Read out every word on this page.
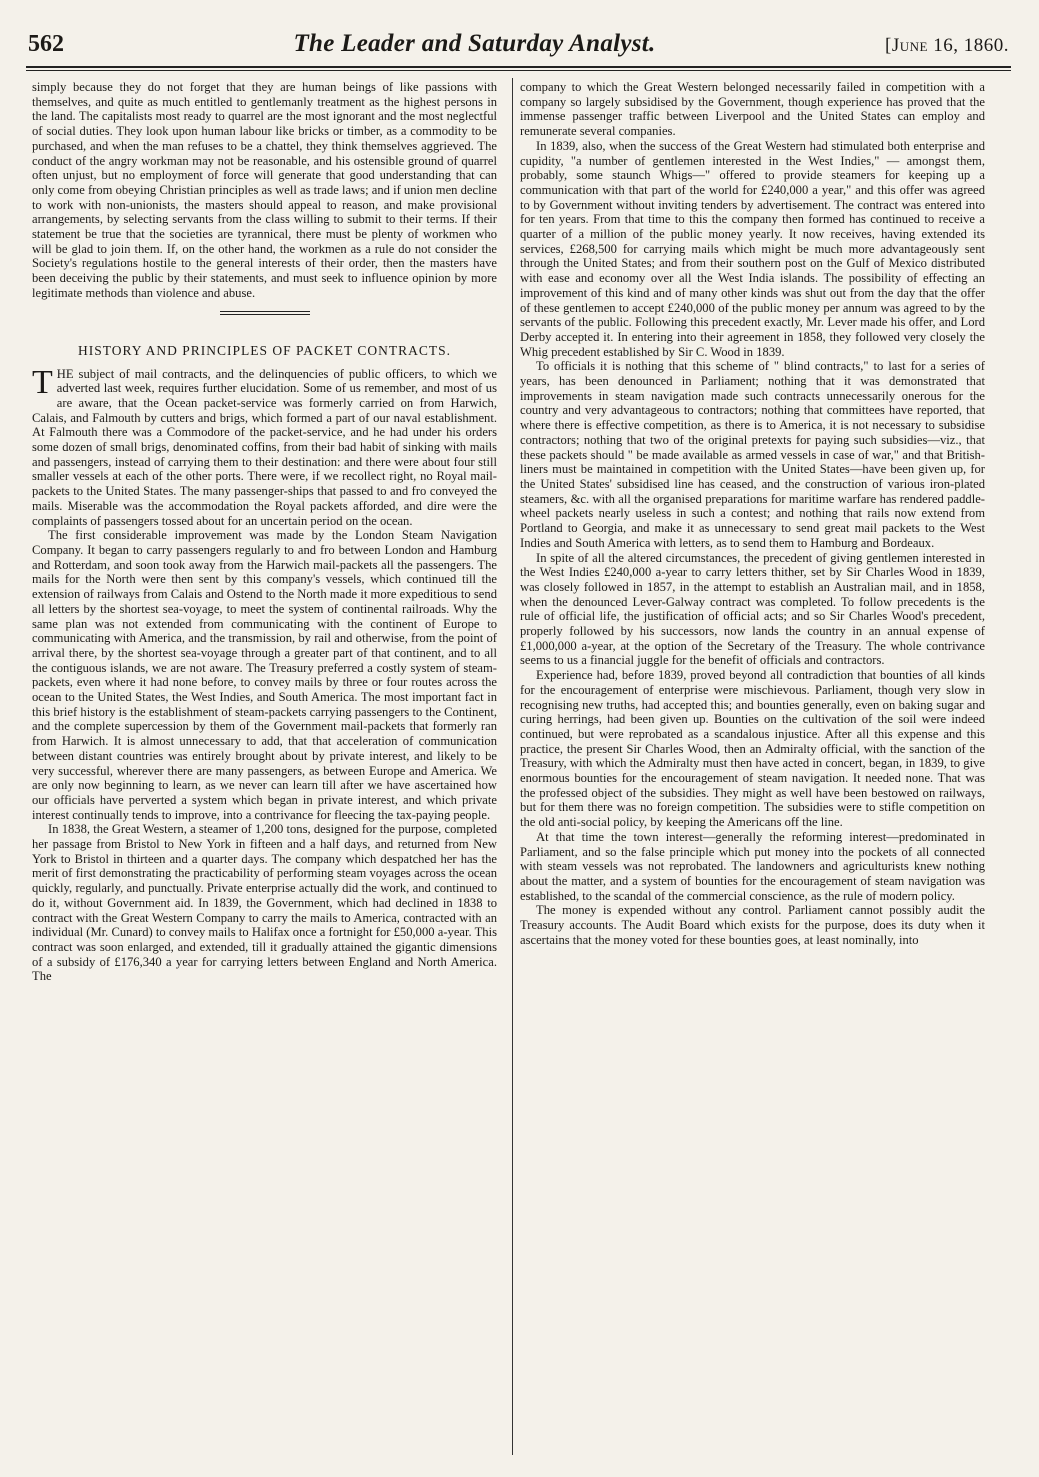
562	The Leader and Saturday Analyst.	[June 16, 1860.

simply because they do not forget that they are human beings of like passions with themselves, and quite as much entitled to gentlemanly treatment as the highest persons in the land. The capitalists most ready to quarrel are the most ignorant and the most neglectful of social duties. They look upon human labour like bricks or timber, as a commodity to be purchased, and when the man refuses to be a chattel, they think themselves aggrieved. The conduct of the angry workman may not be reasonable, and his ostensible ground of quarrel often unjust, but no employment of force will generate that good understanding that can only come from obeying Christian principles as well as trade laws; and if union men decline to work with non-unionists, the masters should appeal to reason, and make provisional arrangements, by selecting servants from the class willing to submit to their terms. If their statement be true that the societies are tyrannical, there must be plenty of workmen who will be glad to join them. If, on the other hand, the workmen as a rule do not consider the Society's regulations hostile to the general interests of their order, then the masters have been deceiving the public by their statements, and must seek to influence opinion by more legitimate methods than violence and abuse.

HISTORY AND PRINCIPLES OF PACKET CONTRACTS.

THE subject of mail contracts, and the delinquencies of public officers, to which we adverted last week, requires further elucidation. Some of us remember, and most of us are aware, that the Ocean packet-service was formerly carried on from Harwich, Calais, and Falmouth by cutters and brigs, which formed a part of our naval establishment. At Falmouth there was a Commodore of the packet-service, and he had under his orders some dozen of small brigs, denominated coffins, from their bad habit of sinking with mails and passengers, instead of carrying them to their destination: and there were about four still smaller vessels at each of the other ports. There were, if we recollect right, no Royal mail-packets to the United States. The many passenger-ships that passed to and fro conveyed the mails. Miserable was the accommodation the Royal packets afforded, and dire were the complaints of passengers tossed about for an uncertain period on the ocean.

The first considerable improvement was made by the London Steam Navigation Company. It began to carry passengers regularly to and fro between London and Hamburg and Rotterdam, and soon took away from the Harwich mail-packets all the passengers. The mails for the North were then sent by this company's vessels, which continued till the extension of railways from Calais and Ostend to the North made it more expeditious to send all letters by the shortest sea-voyage, to meet the system of continental railroads. Why the same plan was not extended from communicating with the continent of Europe to communicating with America, and the transmission, by rail and otherwise, from the point of arrival there, by the shortest sea-voyage through a greater part of that continent, and to all the contiguous islands, we are not aware. The Treasury preferred a costly system of steam-packets, even where it had none before, to convey mails by three or four routes across the ocean to the United States, the West Indies, and South America. The most important fact in this brief history is the establishment of steam-packets carrying passengers to the Continent, and the complete supercession by them of the Government mail-packets that formerly ran from Harwich. It is almost unnecessary to add, that that acceleration of communication between distant countries was entirely brought about by private interest, and likely to be very successful, wherever there are many passengers, as between Europe and America. We are only now beginning to learn, as we never can learn till after we have ascertained how our officials have perverted a system which began in private interest, and which private interest continually tends to improve, into a contrivance for fleecing the tax-paying people.

In 1838, the Great Western, a steamer of 1,200 tons, designed for the purpose, completed her passage from Bristol to New York in fifteen and a half days, and returned from New York to Bristol in thirteen and a quarter days. The company which despatched her has the merit of first demonstrating the practicability of performing steam voyages across the ocean quickly, regularly, and punctually. Private enterprise actually did the work, and continued to do it, without Government aid. In 1839, the Government, which had declined in 1838 to contract with the Great Western Company to carry the mails to America, contracted with an individual (Mr. Cunard) to convey mails to Halifax once a fortnight for £50,000 a-year. This contract was soon enlarged, and extended, till it gradually attained the gigantic dimensions of a subsidy of £176,340 a year for carrying letters between England and North America. The

company to which the Great Western belonged necessarily failed in competition with a company so largely subsidised by the Government, though experience has proved that the immense passenger traffic between Liverpool and the United States can employ and remunerate several companies.

In 1839, also, when the success of the Great Western had stimulated both enterprise and cupidity, "a number of gentlemen interested in the West Indies," — amongst them, probably, some staunch Whigs—" offered to provide steamers for keeping up a communication with that part of the world for £240,000 a year," and this offer was agreed to by Government without inviting tenders by advertisement. The contract was entered into for ten years. From that time to this the company then formed has continued to receive a quarter of a million of the public money yearly. It now receives, having extended its services, £268,500 for carrying mails which might be much more advantageously sent through the United States; and from their southern post on the Gulf of Mexico distributed with ease and economy over all the West India islands. The possibility of effecting an improvement of this kind and of many other kinds was shut out from the day that the offer of these gentlemen to accept £240,000 of the public money per annum was agreed to by the servants of the public. Following this precedent exactly, Mr. Lever made his offer, and Lord Derby accepted it. In entering into their agreement in 1858, they followed very closely the Whig precedent established by Sir C. Wood in 1839.

To officials it is nothing that this scheme of " blind contracts," to last for a series of years, has been denounced in Parliament; nothing that it was demonstrated that improvements in steam navigation made such contracts unnecessarily onerous for the country and very advantageous to contractors; nothing that committees have reported, that where there is effective competition, as there is to America, it is not necessary to subsidise contractors; nothing that two of the original pretexts for paying such subsidies—viz., that these packets should " be made available as armed vessels in case of war," and that British-liners must be maintained in competition with the United States—have been given up, for the United States' subsidised line has ceased, and the construction of various iron-plated steamers, &c. with all the organised preparations for maritime warfare has rendered paddle-wheel packets nearly useless in such a contest; and nothing that rails now extend from Portland to Georgia, and make it as unnecessary to send great mail packets to the West Indies and South America with letters, as to send them to Hamburg and Bordeaux.

In spite of all the altered circumstances, the precedent of giving gentlemen interested in the West Indies £240,000 a-year to carry letters thither, set by Sir Charles Wood in 1839, was closely followed in 1857, in the attempt to establish an Australian mail, and in 1858, when the denounced Lever-Galway contract was completed. To follow precedents is the rule of official life, the justification of official acts; and so Sir Charles Wood's precedent, properly followed by his successors, now lands the country in an annual expense of £1,000,000 a-year, at the option of the Secretary of the Treasury. The whole contrivance seems to us a financial juggle for the benefit of officials and contractors.

Experience had, before 1839, proved beyond all contradiction that bounties of all kinds for the encouragement of enterprise were mischievous. Parliament, though very slow in recognising new truths, had accepted this; and bounties generally, even on baking sugar and curing herrings, had been given up. Bounties on the cultivation of the soil were indeed continued, but were reprobated as a scandalous injustice. After all this expense and this practice, the present Sir Charles Wood, then an Admiralty official, with the sanction of the Treasury, with which the Admiralty must then have acted in concert, began, in 1839, to give enormous bounties for the encouragement of steam navigation. It needed none. That was the professed object of the subsidies. They might as well have been bestowed on railways, but for them there was no foreign competition. The subsidies were to stifle competition on the old anti-social policy, by keeping the Americans off the line.

At that time the town interest—generally the reforming interest—predominated in Parliament, and so the false principle which put money into the pockets of all connected with steam vessels was not reprobated. The landowners and agriculturists knew nothing about the matter, and a system of bounties for the encouragement of steam navigation was established, to the scandal of the commercial conscience, as the rule of modern policy.

The money is expended without any control. Parliament cannot possibly audit the Treasury accounts. The Audit Board which exists for the purpose, does its duty when it ascertains that the money voted for these bounties goes, at least nominally, into
